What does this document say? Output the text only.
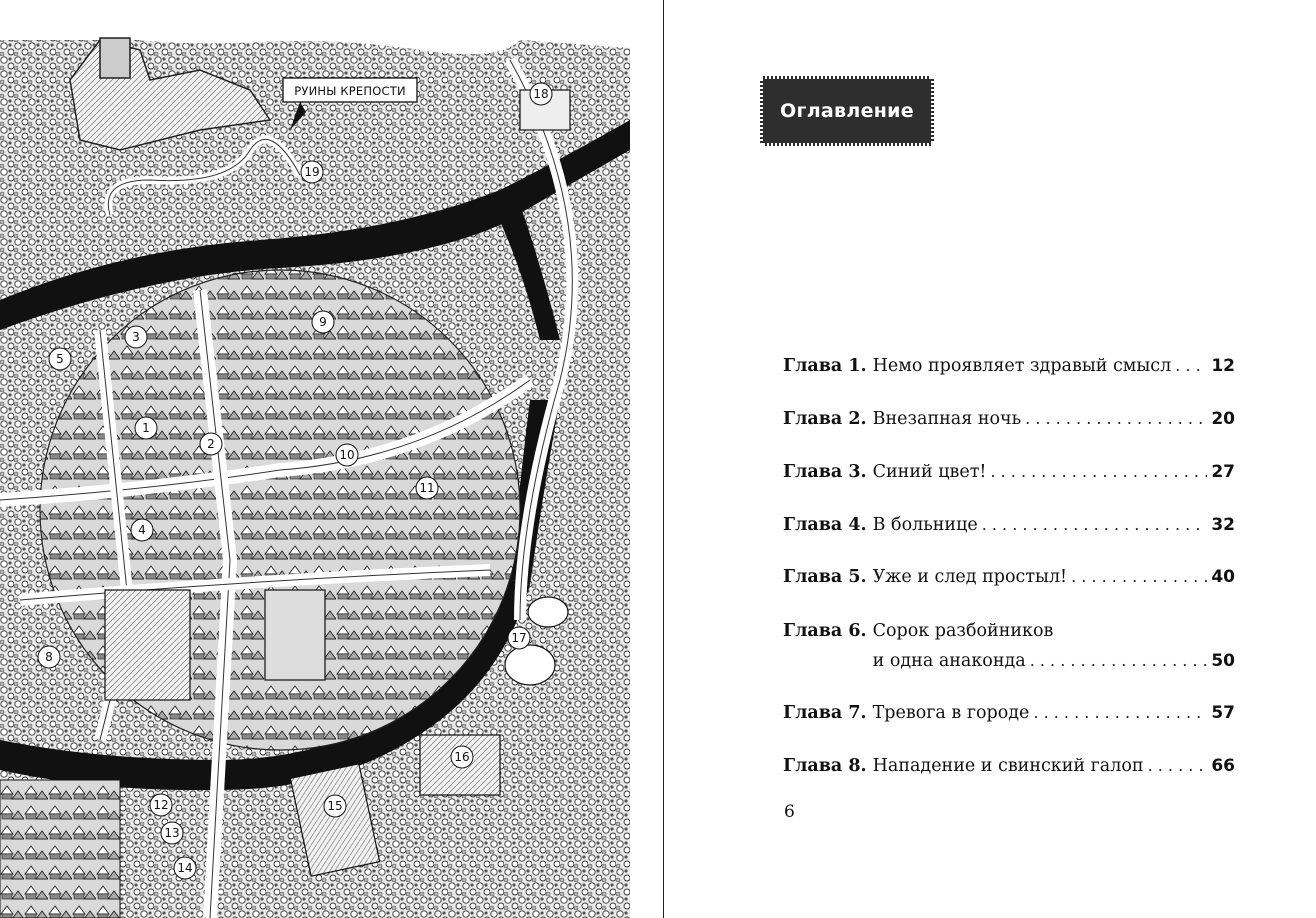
РУИНЫ КРЕПОСТИ
1
2
3
4
5
8
9
10
11
12
13
14
15
16
17
18
19
Оглавление
Глава 1. Немо проявляет здравый смысл . . . 12
Глава 2. Внезапная ночь . . .	20
Глава 3. Синий цвет! . . .	27
Глава 4. В больнице . . .	32
Глава 5. Уже и след простыл! . . .	40
Глава 6. Сорок разбойников
и одна анаконда . . .	50
Глава 7. Тревога в городе . . .	57
Глава 8. Нападение и свинский галоп . . .	66
6
